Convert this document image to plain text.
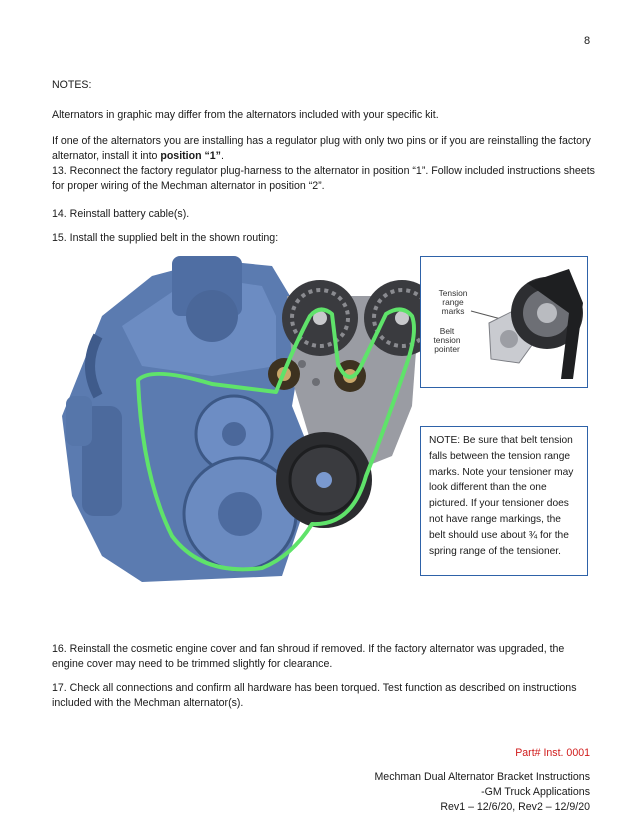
8

NOTES:

Alternators in graphic may differ from the alternators included with your specific kit.

If one of the alternators you are installing has a regulator plug with only two pins or if you are reinstalling the factory alternator, install it into position “1”.

13. Reconnect the factory regulator plug-harness to the alternator in position “1”. Follow included instructions sheets for proper wiring of the Mechman alternator in position “2”.

14. Reinstall battery cable(s).

15. Install the supplied belt in the shown routing:

Tension range marks
Belt tension pointer
NOTE: Be sure that belt tension falls between the tension range marks. Note your tensioner may look different than the one pictured. If your tensioner does not have range markings, the belt should use about ¾ for the spring range of the tensioner.

16. Reinstall the cosmetic engine cover and fan shroud if removed. If the factory alternator was upgraded, the engine cover may need to be trimmed slightly for clearance.

17. Check all connections and confirm all hardware has been torqued. Test function as described on instructions included with the Mechman alternator(s).

Part# Inst. 0001
Mechman Dual Alternator Bracket Instructions
-GM Truck Applications
Rev1 – 12/6/20, Rev2 – 12/9/20
